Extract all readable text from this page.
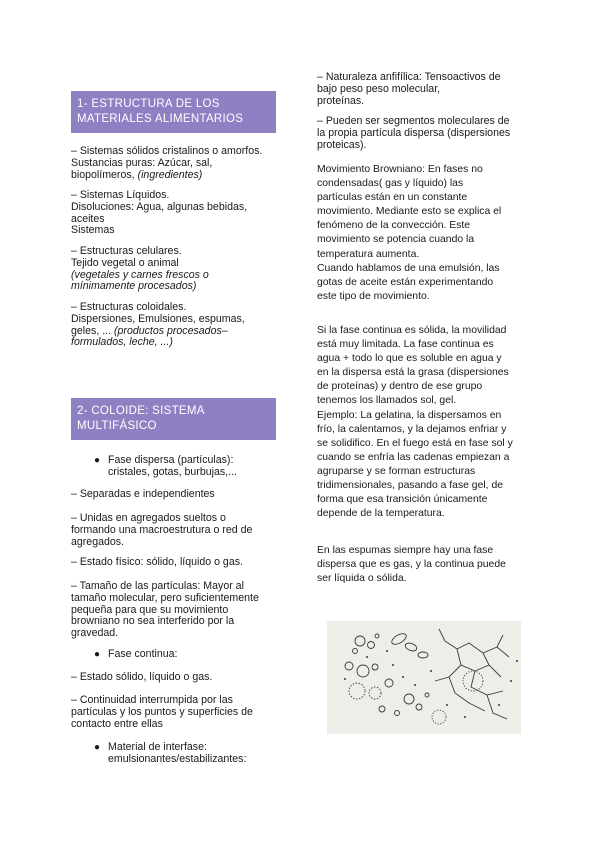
1- ESTRUCTURA DE LOS
MATERIALES ALIMENTARIOS
– Sistemas sólidos cristalinos o amorfos.
Sustancias puras: Azúcar, sal,
biopolímeros, (ingredientes)
– Sistemas Líquidos.
Disoluciones: Agua, algunas bebidas,
aceites
Sistemas
– Estructuras celulares.
Tejido vegetal o animal
(vegetales y carnes frescos o
mínimamente procesados)
– Estructuras coloidales.
Dispersiones, Emulsiones, espumas,
geles, ... (productos procesados–
formulados, leche, ...)
2- COLOIDE: SISTEMA
MULTIFÁSICO
● Fase dispersa (partículas):
cristales, gotas, burbujas,...
– Separadas e independientes
– Unidas en agregados sueltos o
formando una macroestrutura o red de
agregados.
– Estado físico: sólido, líquido o gas.
– Tamaño de las partículas: Mayor al
tamaño molecular, pero suficientemente
pequeña para que su movimiento
browniano no sea interferido por la
gravedad.
● Fase continua:
– Estado sólido, líquido o gas.
– Continuidad interrumpida por las
partículas y los puntos y superficies de
contacto entre ellas
● Material de interfase:
emulsionantes/estabilizantes:
– Naturaleza anfifílica: Tensoactivos de
bajo peso peso molecular,
proteínas.
– Pueden ser segmentos moleculares de
la propia partícula dispersa (dispersiones
proteicas).
Movimiento Browniano: En fases no
condensadas( gas y líquido) las
partículas están en un constante
movimiento. Mediante esto se explica el
fenómeno de la convección. Este
movimiento se potencia cuando la
temperatura aumenta.
Cuando hablamos de una emulsión, las
gotas de aceite están experimentando
este tipo de movimiento.
Si la fase continua es sólida, la movilidad
está muy limitada. La fase continua es
agua + todo lo que es soluble en agua y
en la dispersa está la grasa (dispersiones
de proteínas) y dentro de ese grupo
tenemos los llamados sol, gel.
Ejemplo: La gelatina, la dispersamos en
frío, la calentamos, y la dejamos enfriar y
se solidifico. En el fuego está en fase sol y
cuando se enfría las cadenas empiezan a
agruparse y se forman estructuras
tridimensionales, pasando a fase gel, de
forma que esa transición únicamente
depende de la temperatura.
En las espumas siempre hay una fase
dispersa que es gas, y la continua puede
ser líquida o sólida.
